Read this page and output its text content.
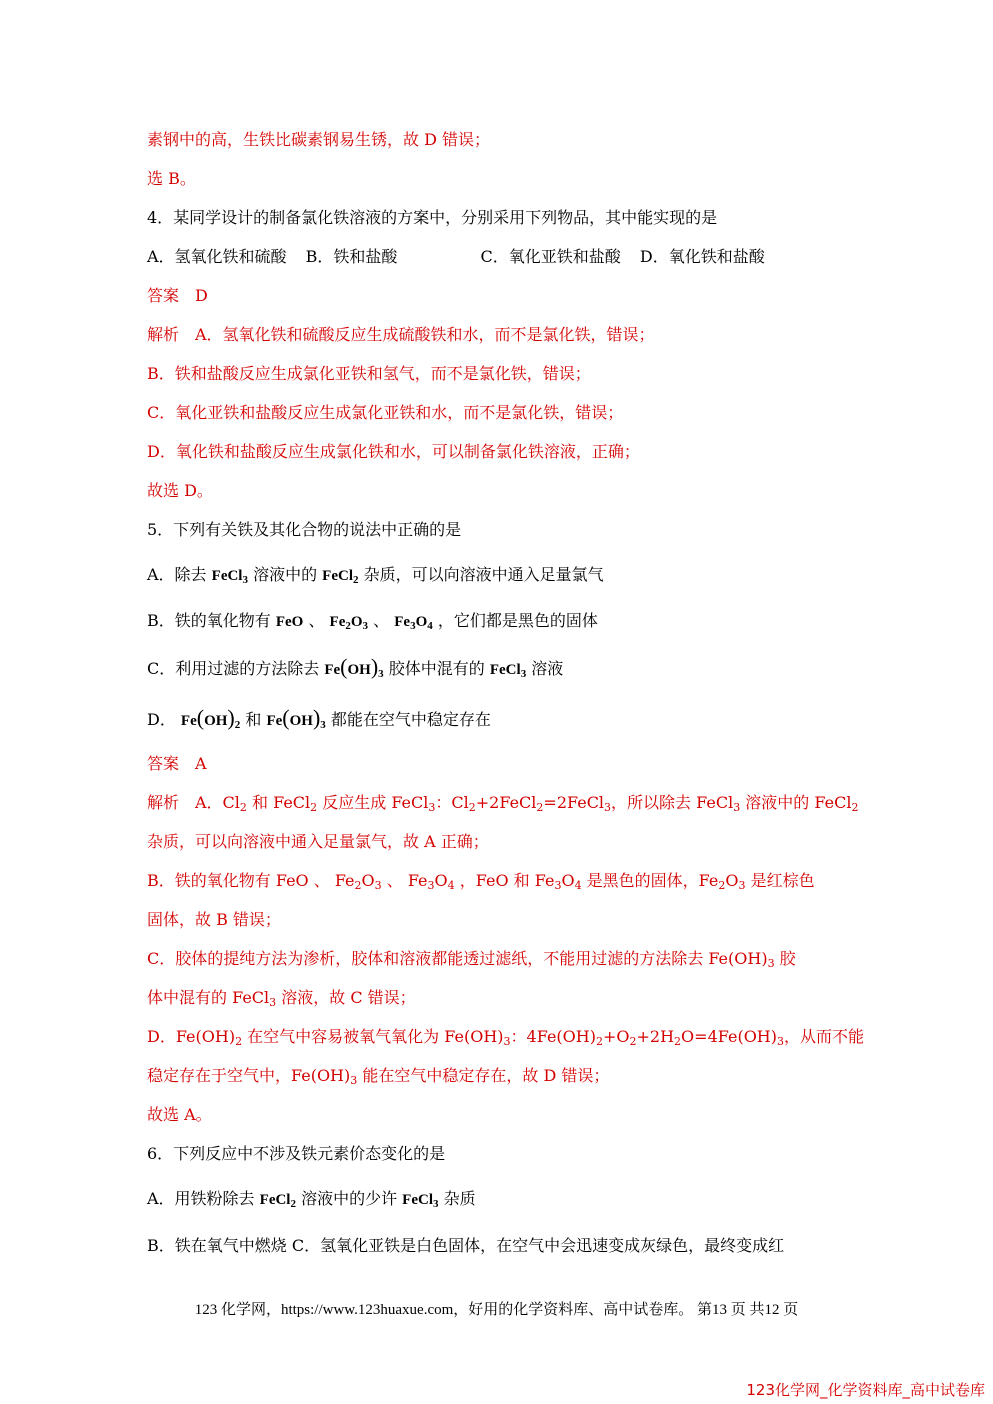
素钢中的高，生铁比碳素钢易生锈，故 D 错误；
选 B。
4．某同学设计的制备氯化铁溶液的方案中，分别采用下列物品，其中能实现的是
A．氢氧化铁和硫酸 B．铁和盐酸	C．氧化亚铁和盐酸 D．氧化铁和盐酸
答案　D
解析　A．氢氧化铁和硫酸反应生成硫酸铁和水，而不是氯化铁，错误；
B．铁和盐酸反应生成氯化亚铁和氢气，而不是氯化铁，错误；
C．氧化亚铁和盐酸反应生成氯化亚铁和水，而不是氯化铁，错误；
D．氧化铁和盐酸反应生成氯化铁和水，可以制备氯化铁溶液，正确；
故选 D。
5．下列有关铁及其化合物的说法中正确的是
A．除去 FeCl$_3$ 溶液中的 FeCl$_2$ 杂质，可以向溶液中通入足量氯气
B．铁的氧化物有 FeO 、 $Fe_2O_3$ 、 $Fe_3O_4$ ，它们都是黑色的固体
C．利用过滤的方法除去 $Fe(OH)_3$ 胶体中混有的 FeCl$_3$ 溶液
D． $Fe(OH)_2$ 和 $Fe(OH)_3$ 都能在空气中稳定存在
答案　A
解析　A．$Cl_2$ 和 FeCl$_2$ 反应生成 FeCl$_3$：$Cl_2+2FeCl_2=2FeCl_3$，所以除去 FeCl$_3$ 溶液中的 FeCl$_2$
杂质，可以向溶液中通入足量氯气，故 A 正确；
B．铁的氧化物有 FeO 、 $Fe_2O_3$ 、 $Fe_3O_4$ ，FeO 和 $Fe_3O_4$ 是黑色的固体，$Fe_2O_3$ 是红棕色
固体，故 B 错误；
C．胶体的提纯方法为渗析，胶体和溶液都能透过滤纸，不能用过滤的方法除去 $Fe(OH)_3$ 胶
体中混有的 FeCl$_3$ 溶液，故 C 错误；
D．$Fe(OH)_2$ 在空气中容易被氧气氧化为 $Fe(OH)_3$：$4Fe(OH)_2+O_2+2H_2O=4Fe(OH)_3$，从而不能
稳定存在于空气中，$Fe(OH)_3$ 能在空气中稳定存在，故 D 错误；
故选 A。
6．下列反应中不涉及铁元素价态变化的是
A．用铁粉除去 FeCl$_2$ 溶液中的少许 FeCl$_3$ 杂质
B．铁在氧气中燃烧 C．氢氧化亚铁是白色固体，在空气中会迅速变成灰绿色，最终变成红
123 化学网，https://www.123huaxue.com，好用的化学资料库、高中试卷库。 第13 页 共12 页
123化学网_化学资料库_高中试卷库
